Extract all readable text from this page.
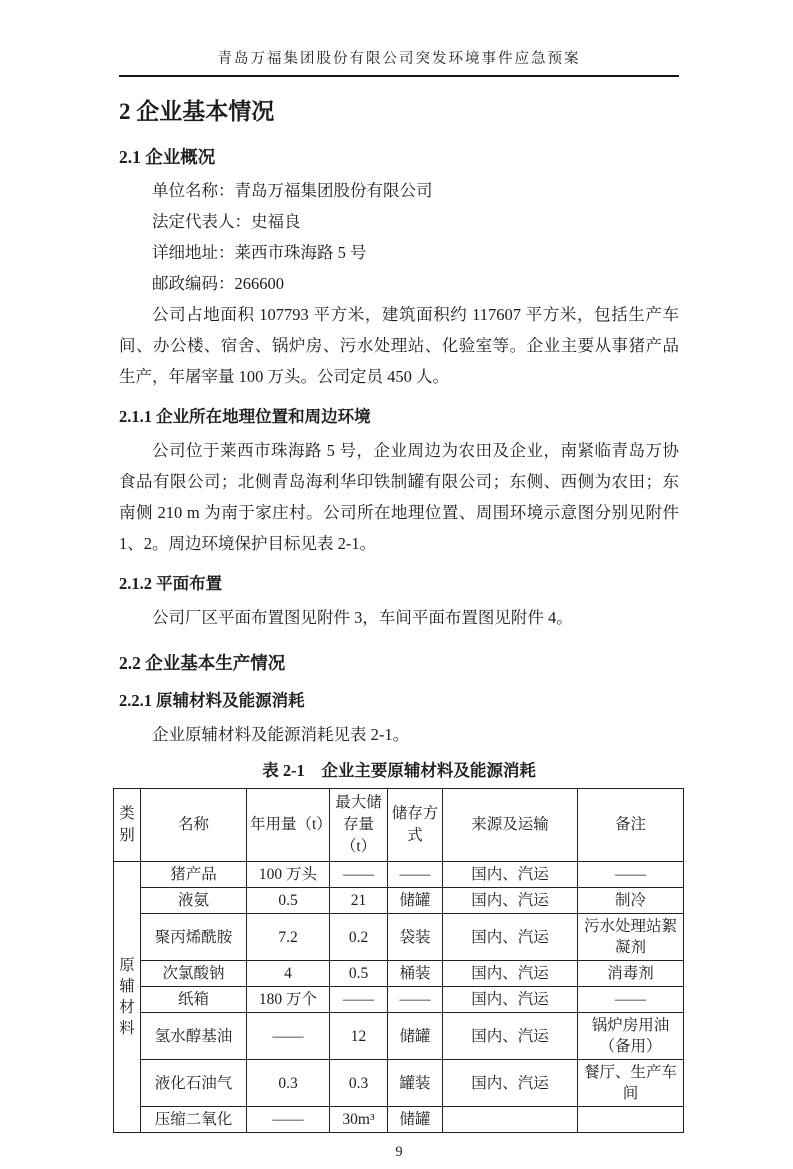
青岛万福集团股份有限公司突发环境事件应急预案
2 企业基本情况
2.1 企业概况

单位名称：青岛万福集团股份有限公司

法定代表人：史福良

详细地址：莱西市珠海路 5 号

邮政编码：266600

公司占地面积 107793 平方米，建筑面积约 117607 平方米，包括生产车间、办公楼、宿舍、锅炉房、污水处理站、化验室等。企业主要从事猪产品生产，年屠宰量 100 万头。公司定员 450 人。

2.1.1 企业所在地理位置和周边环境

公司位于莱西市珠海路 5 号，企业周边为农田及企业，南紧临青岛万协食品有限公司；北侧青岛海利华印铁制罐有限公司；东侧、西侧为农田；东南侧 210 m 为南于家庄村。公司所在地理位置、周围环境示意图分别见附件 1、2。周边环境保护目标见表 2-1。

2.1.2 平面布置

公司厂区平面布置图见附件 3，车间平面布置图见附件 4。

2.2 企业基本生产情况
2.2.1 原辅材料及能源消耗

企业原辅材料及能源消耗见表 2-1。

表 2-1 企业主要原辅材料及能源消耗
类别	名称	年用量（t）	最大储存量（t）	储存方式	来源及运输	备注
原辅材料	猪产品	100 万头	——	——	国内、汽运	——
	液氨	0.5	21	储罐	国内、汽运	制冷
	聚丙烯酰胺	7.2	0.2	袋装	国内、汽运	污水处理站絮凝剂
	次氯酸钠	4	0.5	桶装	国内、汽运	消毒剂
	纸箱	180 万个	——	——	国内、汽运	——
	氢水醇基油	——	12	储罐	国内、汽运	锅炉房用油（备用）
	液化石油气	0.3	0.3	罐装	国内、汽运	餐厅、生产车间
	压缩二氧化	——	30m³	储罐		
9
